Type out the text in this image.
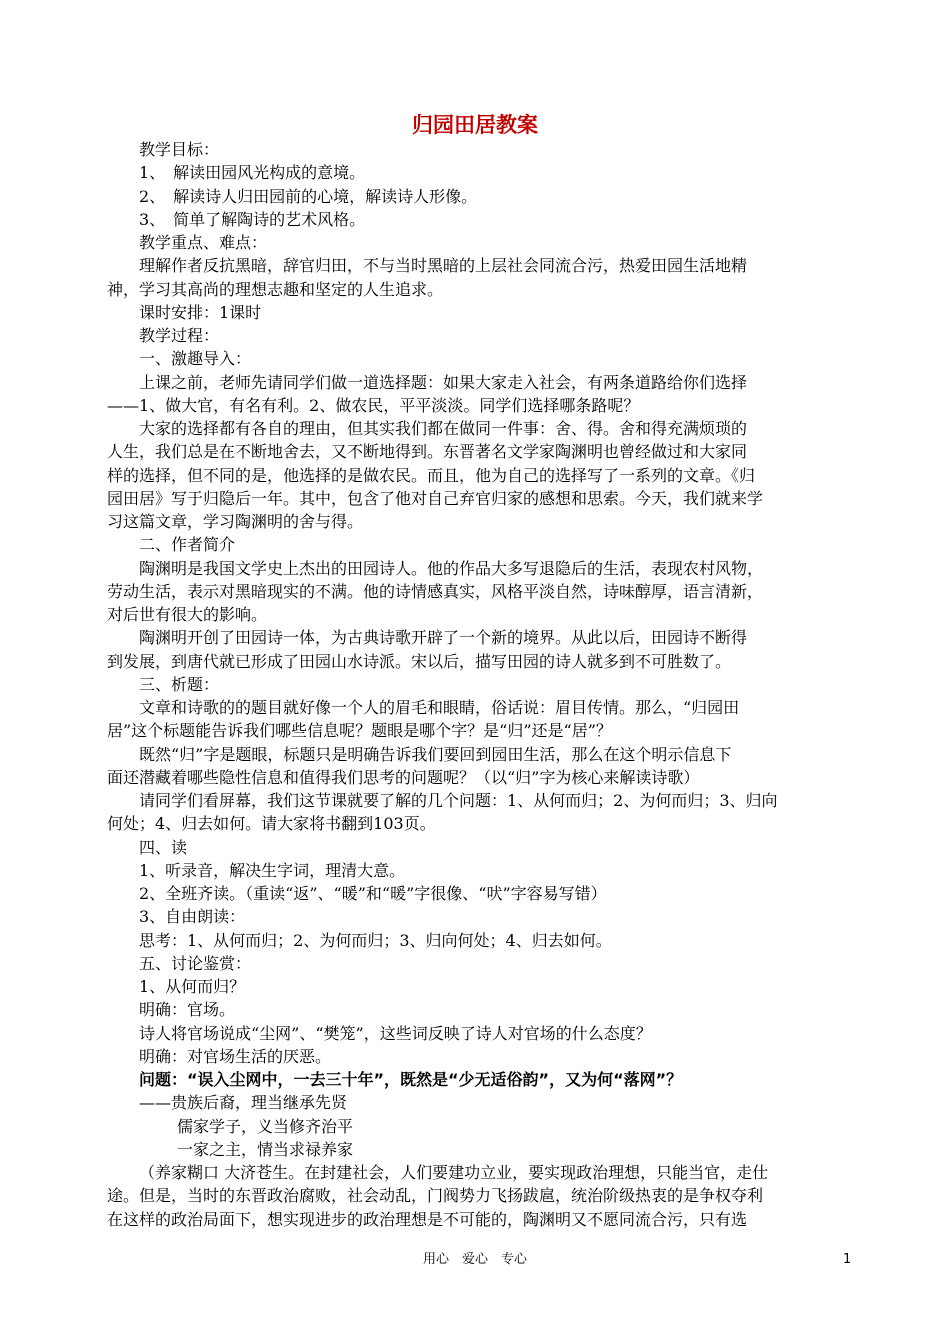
归园田居教案
教学目标：
1、　解读田园风光构成的意境。
2、　解读诗人归田园前的心境，解读诗人形像。
3、　简单了解陶诗的艺术风格。
教学重点、难点：
理解作者反抗黑暗，辞官归田，不与当时黑暗的上层社会同流合污，热爱田园生活地精
神，学习其高尚的理想志趣和坚定的人生追求。
课时安排：1课时
教学过程：
一、激趣导入：
上课之前，老师先请同学们做一道选择题：如果大家走入社会，有两条道路给你们选择
——1、做大官，有名有利。2、做农民，平平淡淡。同学们选择哪条路呢？
大家的选择都有各自的理由，但其实我们都在做同一件事：舍、得。舍和得充满烦琐的
人生，我们总是在不断地舍去，又不断地得到。东晋著名文学家陶渊明也曾经做过和大家同
样的选择，但不同的是，他选择的是做农民。而且，他为自己的选择写了一系列的文章。《归
园田居》写于归隐后一年。其中，包含了他对自己弃官归家的感想和思索。今天，我们就来学
习这篇文章，学习陶渊明的舍与得。
二、作者简介
陶渊明是我国文学史上杰出的田园诗人。他的作品大多写退隐后的生活，表现农村风物，
劳动生活，表示对黑暗现实的不满。他的诗情感真实，风格平淡自然，诗味醇厚，语言清新，
对后世有很大的影响。
陶渊明开创了田园诗一体，为古典诗歌开辟了一个新的境界。从此以后，田园诗不断得
到发展，到唐代就已形成了田园山水诗派。宋以后，描写田园的诗人就多到不可胜数了。
三、析题：
文章和诗歌的的题目就好像一个人的眉毛和眼睛，俗话说：眉目传情。那么，“归园田
居”这个标题能告诉我们哪些信息呢？题眼是哪个字？是“归”还是“居”？
既然“归”字是题眼，标题只是明确告诉我们要回到园田生活，那么在这个明示信息下
面还潜藏着哪些隐性信息和值得我们思考的问题呢？（以“归”字为核心来解读诗歌）
请同学们看屏幕，我们这节课就要了解的几个问题：1、从何而归；2、为何而归；3、归向
何处；4、归去如何。请大家将书翻到103页。
四、读
1、听录音，解决生字词，理清大意。
2、全班齐读。（重读“返”、“暖”和“暖”字很像、“吠”字容易写错）
3、自由朗读：
思考：1、从何而归；2、为何而归；3、归向何处；4、归去如何。
五、讨论鉴赏：
1、从何而归？
明确：官场。
诗人将官场说成“尘网”、“樊笼”，这些词反映了诗人对官场的什么态度？
明确：对官场生活的厌恶。
问题：“误入尘网中，一去三十年”，既然是“少无适俗韵”，又为何“落网”？
——贵族后裔，理当继承先贤
儒家学子，义当修齐治平
一家之主，情当求禄养家
（养家糊口 大济苍生。在封建社会，人们要建功立业，要实现政治理想，只能当官，走仕
途。但是，当时的东晋政治腐败，社会动乱，门阀势力飞扬跋扈，统治阶级热衷的是争权夺利
在这样的政治局面下，想实现进步的政治理想是不可能的，陶渊明又不愿同流合污，只有选
用心　爱心　专心	1
